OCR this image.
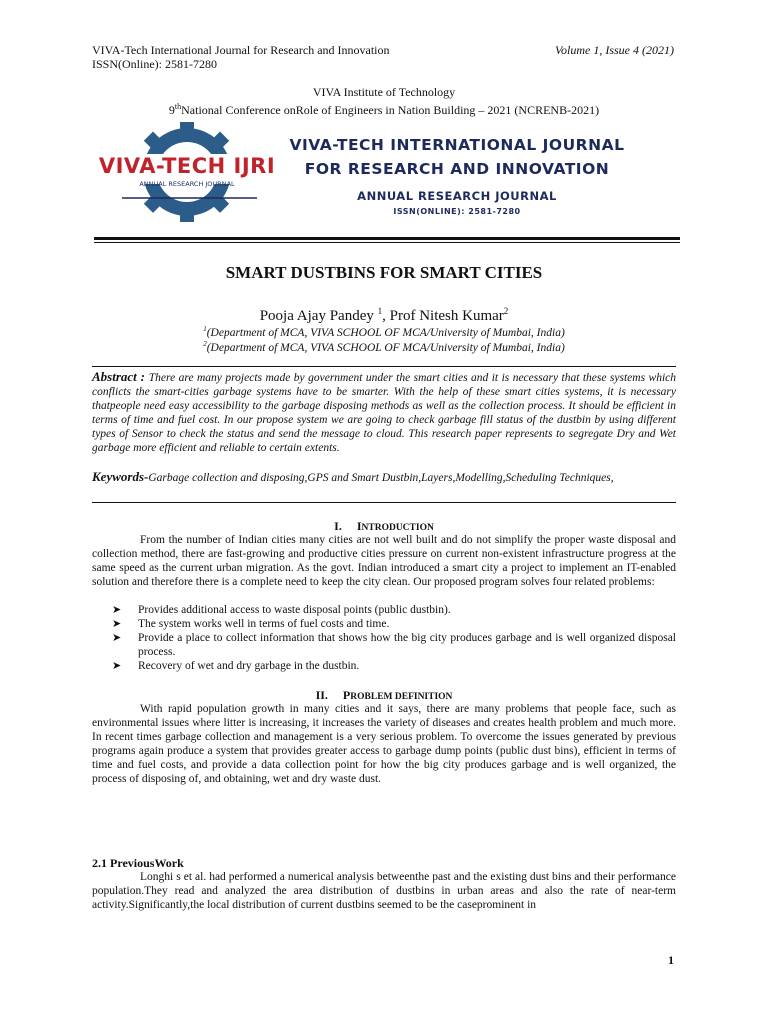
VIVA-Tech International Journal for Research and Innovation	Volume 1, Issue 4 (2021)
ISSN(Online): 2581-7280
VIVA Institute of Technology
9thNational Conference onRole of Engineers in Nation Building – 2021 (NCRENB-2021)
VIVA-TECH IJRI
ANNUAL RESEARCH JOURNAL
VIVA-TECH INTERNATIONAL JOURNAL
FOR RESEARCH AND INNOVATION
ANNUAL RESEARCH JOURNAL
ISSN(ONLINE): 2581-7280
SMART DUSTBINS FOR SMART CITIES
Pooja Ajay Pandey $^1$, Prof Nitesh Kumar$^2$
$^1$(Department of MCA, VIVA SCHOOL OF MCA/University of Mumbai, India)
$^2$(Department of MCA, VIVA SCHOOL OF MCA/University of Mumbai, India)
Abstract : There are many projects made by government under the smart cities and it is necessary that these systems which conflicts the smart-cities garbage systems have to be smarter. With the help of these smart cities systems, it is necessary thatpeople need easy accessibility to the garbage disposing methods as well as the collection process. It should be efficient in terms of time and fuel cost. In our propose system we are going to check garbage fill status of the dustbin by using different types of Sensor to check the status and send the message to cloud. This research paper represents to segregate Dry and Wet garbage more efficient and reliable to certain extents.
Keywords-Garbage collection and disposing,GPS and Smart Dustbin,Layers,Modelling,Scheduling Techniques,
I. INTRODUCTION
From the number of Indian cities many cities are not well built and do not simplify the proper waste disposal and collection method, there are fast-growing and productive cities pressure on current non-existent infrastructure progress at the same speed as the current urban migration. As the govt. Indian introduced a smart city a project to implement an IT-enabled solution and therefore there is a complete need to keep the city clean. Our proposed program solves four related problems:
➤ Provides additional access to waste disposal points (public dustbin).
➤ The system works well in terms of fuel costs and time.
➤ Provide a place to collect information that shows how the big city produces garbage and is well organized disposal process.
➤ Recovery of wet and dry garbage in the dustbin.
II. PROBLEM DEFINITION
With rapid population growth in many cities and it says, there are many problems that people face, such as environmental issues where litter is increasing, it increases the variety of diseases and creates health problem and much more. In recent times garbage collection and management is a very serious problem. To overcome the issues generated by previous programs again produce a system that provides greater access to garbage dump points (public dust bins), efficient in terms of time and fuel costs, and provide a data collection point for how the big city produces garbage and is well organized, the process of disposing of, and obtaining, wet and dry waste dust.
2.1 PreviousWork
Longhi s et al. had performed a numerical analysis betweenthe past and the existing dust bins and their performance population.They read and analyzed the area distribution of dustbins in urban areas and also the rate of near-term activity.Significantly,the local distribution of current dustbins seemed to be the caseprominent in
1
